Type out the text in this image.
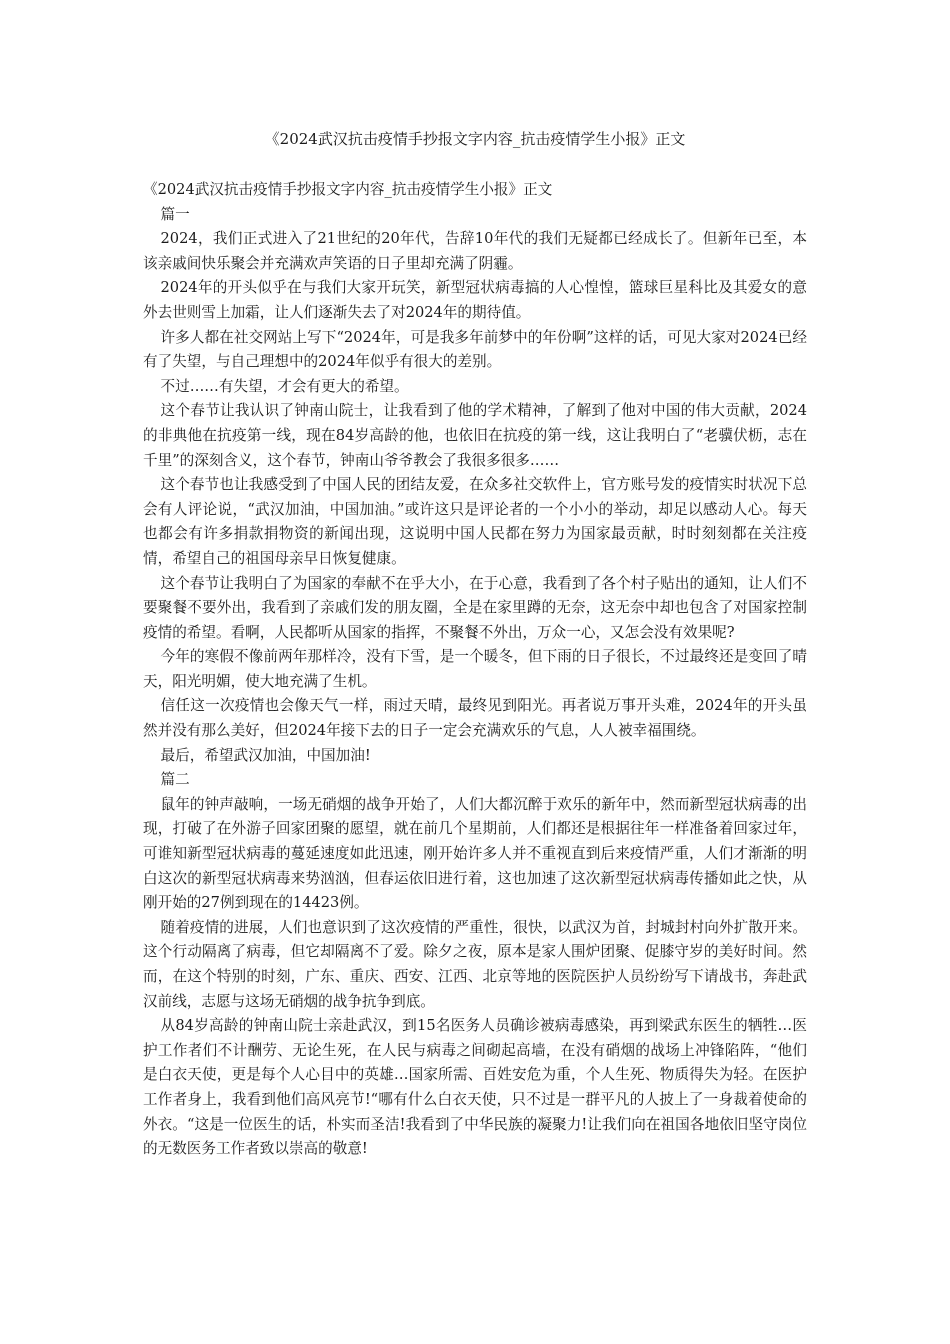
《2024武汉抗击疫情手抄报文字内容_抗击疫情学生小报》正文

《2024武汉抗击疫情手抄报文字内容_抗击疫情学生小报》正文

篇一

2024，我们正式进入了21世纪的20年代，告辞10年代的我们无疑都已经成长了。但新年已至，本该亲戚间快乐聚会并充满欢声笑语的日子里却充满了阴霾。

2024年的开头似乎在与我们大家开玩笑，新型冠状病毒搞的人心惶惶，篮球巨星科比及其爱女的意外去世则雪上加霜，让人们逐渐失去了对2024年的期待值。

许多人都在社交网站上写下“2024年，可是我多年前梦中的年份啊”这样的话，可见大家对2024已经有了失望，与自己理想中的2024年似乎有很大的差别。

不过……有失望，才会有更大的希望。

这个春节让我认识了钟南山院士，让我看到了他的学术精神，了解到了他对中国的伟大贡献，2024的非典他在抗疫第一线，现在84岁高龄的他，也依旧在抗疫的第一线，这让我明白了“老骥伏枥，志在千里”的深刻含义，这个春节，钟南山爷爷教会了我很多很多……

这个春节也让我感受到了中国人民的团结友爱，在众多社交软件上，官方账号发的疫情实时状况下总会有人评论说，“武汉加油，中国加油。”或许这只是评论者的一个小小的举动，却足以感动人心。每天也都会有许多捐款捐物资的新闻出现，这说明中国人民都在努力为国家最贡献，时时刻刻都在关注疫情，希望自己的祖国母亲早日恢复健康。

这个春节让我明白了为国家的奉献不在乎大小，在于心意，我看到了各个村子贴出的通知，让人们不要聚餐不要外出，我看到了亲戚们发的朋友圈，全是在家里蹲的无奈，这无奈中却也包含了对国家控制疫情的希望。看啊，人民都听从国家的指挥，不聚餐不外出，万众一心，又怎会没有效果呢?

今年的寒假不像前两年那样冷，没有下雪，是一个暖冬，但下雨的日子很长，不过最终还是变回了晴天，阳光明媚，使大地充满了生机。

信任这一次疫情也会像天气一样，雨过天晴，最终见到阳光。再者说万事开头难，2024年的开头虽然并没有那么美好，但2024年接下去的日子一定会充满欢乐的气息，人人被幸福围绕。

最后，希望武汉加油，中国加油!

篇二

鼠年的钟声敲响，一场无硝烟的战争开始了，人们大都沉醉于欢乐的新年中，然而新型冠状病毒的出现，打破了在外游子回家团聚的愿望，就在前几个星期前，人们都还是根据往年一样准备着回家过年，可谁知新型冠状病毒的蔓延速度如此迅速，刚开始许多人并不重视直到后来疫情严重，人们才渐渐的明白这次的新型冠状病毒来势汹汹，但春运依旧进行着，这也加速了这次新型冠状病毒传播如此之快，从刚开始的27例到现在的14423例。

随着疫情的进展，人们也意识到了这次疫情的严重性，很快，以武汉为首，封城封村向外扩散开来。这个行动隔离了病毒，但它却隔离不了爱。除夕之夜，原本是家人围炉团聚、促膝守岁的美好时间。然而，在这个特别的时刻，广东、重庆、西安、江西、北京等地的医院医护人员纷纷写下请战书，奔赴武汉前线，志愿与这场无硝烟的战争抗争到底。

从84岁高龄的钟南山院士亲赴武汉，到15名医务人员确诊被病毒感染，再到梁武东医生的牺牲…医护工作者们不计酬劳、无论生死，在人民与病毒之间砌起高墙，在没有硝烟的战场上冲锋陷阵，“他们是白衣天使，更是每个人心目中的英雄…国家所需、百姓安危为重，个人生死、物质得失为轻。在医护工作者身上，我看到他们高风亮节!“哪有什么白衣天使，只不过是一群平凡的人披上了一身裁着使命的外衣。“这是一位医生的话，朴实而圣洁!我看到了中华民族的凝聚力!让我们向在祖国各地依旧坚守岗位的无数医务工作者致以崇高的敬意!
